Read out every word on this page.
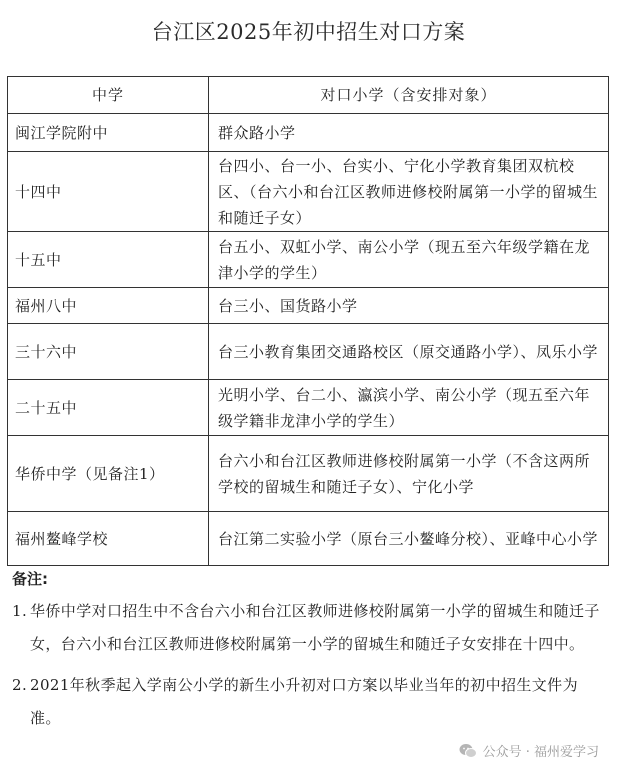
台江区2025年初中招生对口方案
中学	对口小学（含安排对象）
闽江学院附中	群众路小学
十四中	台四小、台一小、台实小、宁化小学教育集团双杭校区、（台六小和台江区教师进修校附属第一小学的留城生和随迁子女）
十五中	台五小、双虹小学、南公小学（现五至六年级学籍在龙津小学的学生）
福州八中	台三小、国货路小学
三十六中	台三小教育集团交通路校区（原交通路小学）、凤乐小学
二十五中	光明小学、台二小、瀛滨小学、南公小学（现五至六年级学籍非龙津小学的学生）
华侨中学（见备注1）	台六小和台江区教师进修校附属第一小学（不含这两所学校的留城生和随迁子女）、宁化小学
福州鳌峰学校	台江第二实验小学（原台三小鳌峰分校）、亚峰中心小学
备注:
1. 华侨中学对口招生中不含台六小和台江区教师进修校附属第一小学的留城生和随迁子女，台六小和台江区教师进修校附属第一小学的留城生和随迁子女安排在十四中。
2. 2021年秋季起入学南公小学的新生小升初对口方案以毕业当年的初中招生文件为准。
公众号 · 福州爱学习
